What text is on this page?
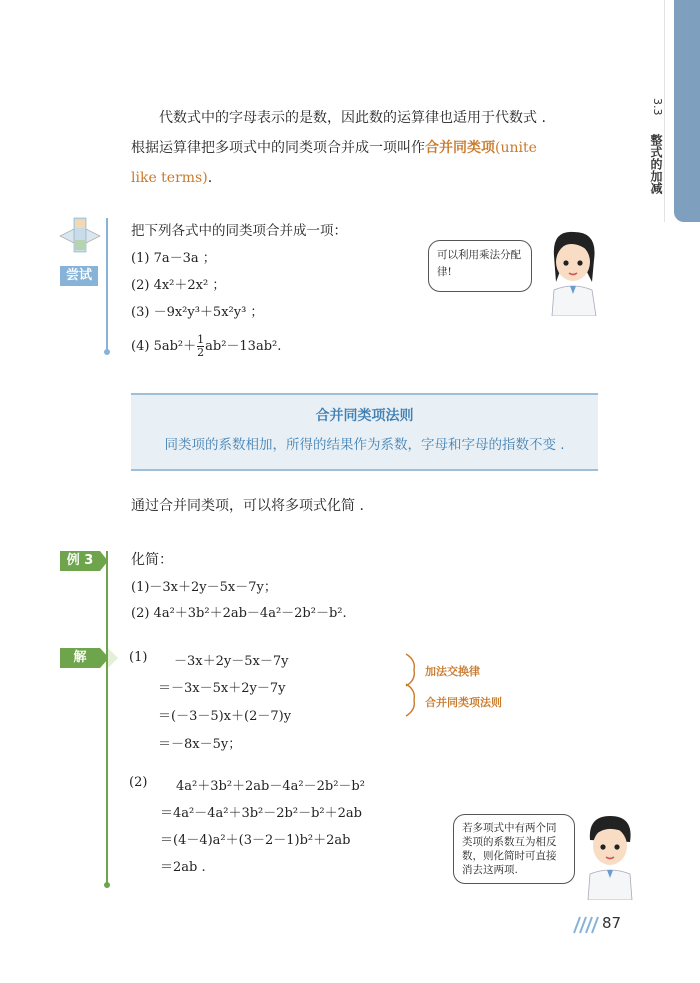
3.3
整式的加减
代数式中的字母表示的是数，因此数的运算律也适用于代数式 .
根据运算律把多项式中的同类项合并成一项叫作合并同类项(unite
like terms).
尝试
把下列各式中的同类项合并成一项：
(1) 7a－3a ；
(2) 4x²＋2x² ；
(3) －9x²y³＋5x²y³ ；
(4) $5ab^2+ \frac{1}{2} ab^2-13ab^2$.
可以利用乘法分配律!
合并同类项法则
同类项的系数相加，所得的结果作为系数，字母和字母的指数不变 .
通过合并同类项，可以将多项式化简 .
例 3	化简：
(1)－3x＋2y－5x－7y；
(2) 4a²＋3b²＋2ab－4a²－2b²－b².
解	(1) －3x＋2y－5x－7y
＝－3x－5x＋2y－7y
＝(－3－5)x＋(2－7)y
＝－8x－5y；
加法交换律
合并同类项法则
(2) 4a²＋3b²＋2ab－4a²－2b²－b²
＝4a²－4a²＋3b²－2b²－b²＋2ab
＝(4－4)a²＋(3－2－1)b²＋2ab
＝2ab .
若多项式中有两个同类项的系数互为相反数，则化简时可直接消去这两项.
87
